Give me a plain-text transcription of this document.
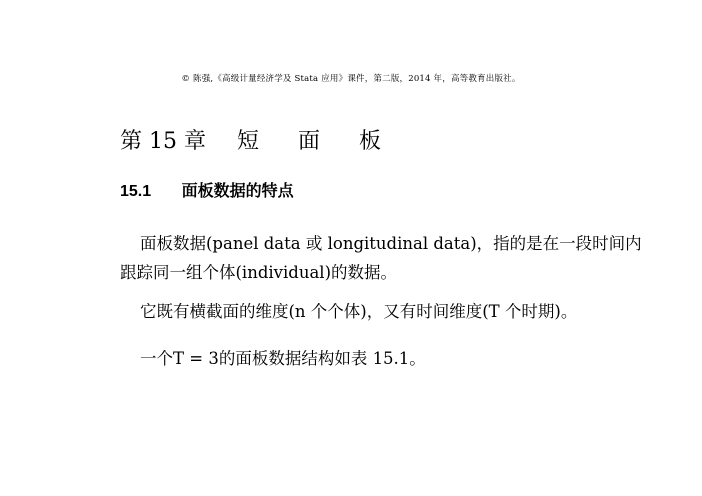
© 陈强,《高级计量经济学及 Stata 应用》课件，第二版，2014 年，高等教育出版社。
第 15 章 短 面 板
15.1 面板数据的特点
面板数据(panel data 或 longitudinal data)，指的是在一段时间内
跟踪同一组个体(individual)的数据。
它既有横截面的维度(n 个个体)，又有时间维度(T 个时期)。
一个T = 3的面板数据结构如表 15.1。
